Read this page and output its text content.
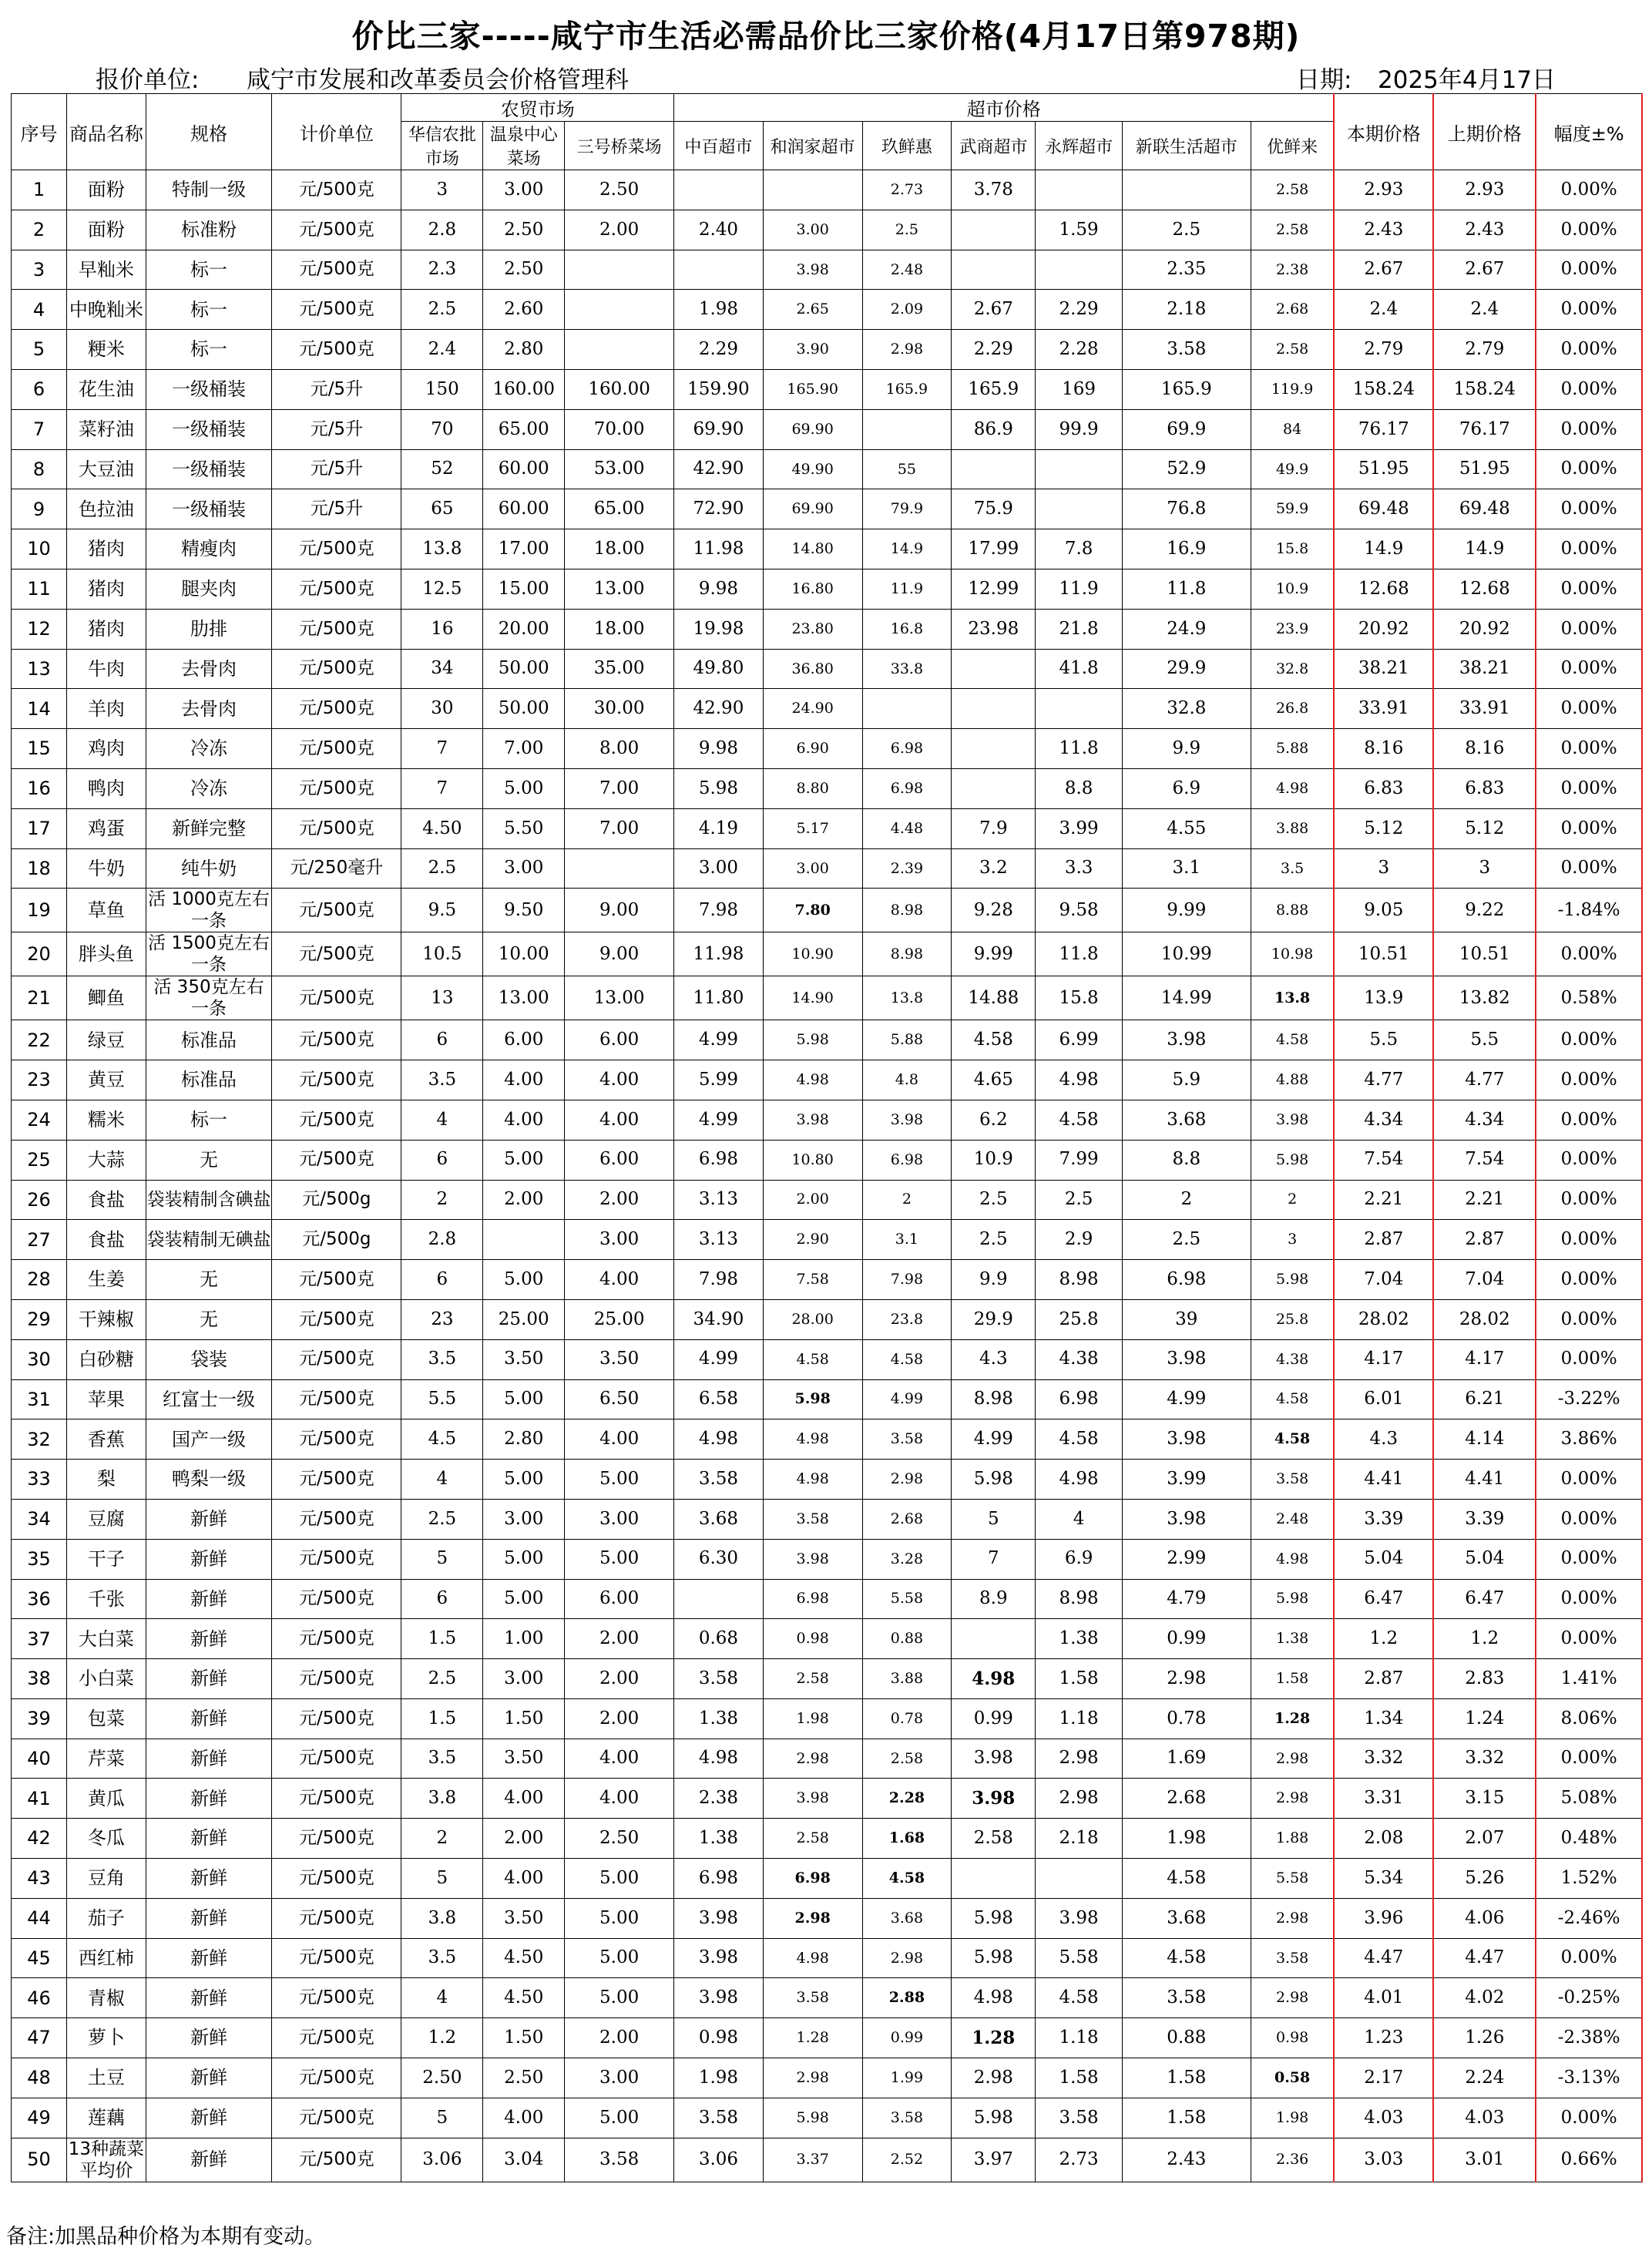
价比三家-----咸宁市生活必需品价比三家价格(4月17日第978期)
报价单位: 咸宁市发展和改革委员会价格管理科	日期: 2025年4月17日
序号	商品名称	规格	计价单位	农贸市场			超市价格							本期价格	上期价格	幅度±%
				华信农批市场	温泉中心菜场	三号桥菜场	中百超市	和润家超市	玖鲜惠	武商超市	永辉超市	新联生活超市	优鲜来			
1	面粉	特制一级	元/500克	3	3.00	2.50			2.73	3.78			2.58	2.93	2.93	0.00%
2	面粉	标准粉	元/500克	2.8	2.50	2.00	2.40	3.00	2.5		1.59	2.5	2.58	2.43	2.43	0.00%
3	早籼米	标一	元/500克	2.3	2.50			3.98	2.48			2.35	2.38	2.67	2.67	0.00%
4	中晚籼米	标一	元/500克	2.5	2.60		1.98	2.65	2.09	2.67	2.29	2.18	2.68	2.4	2.4	0.00%
5	粳米	标一	元/500克	2.4	2.80		2.29	3.90	2.98	2.29	2.28	3.58	2.58	2.79	2.79	0.00%
6	花生油	一级桶装	元/5升	150	160.00	160.00	159.90	165.90	165.9	165.9	169	165.9	119.9	158.24	158.24	0.00%
7	菜籽油	一级桶装	元/5升	70	65.00	70.00	69.90	69.90		86.9	99.9	69.9	84	76.17	76.17	0.00%
8	大豆油	一级桶装	元/5升	52	60.00	53.00	42.90	49.90	55			52.9	49.9	51.95	51.95	0.00%
9	色拉油	一级桶装	元/5升	65	60.00	65.00	72.90	69.90	79.9	75.9		76.8	59.9	69.48	69.48	0.00%
10	猪肉	精瘦肉	元/500克	13.8	17.00	18.00	11.98	14.80	14.9	17.99	7.8	16.9	15.8	14.9	14.9	0.00%
11	猪肉	腿夹肉	元/500克	12.5	15.00	13.00	9.98	16.80	11.9	12.99	11.9	11.8	10.9	12.68	12.68	0.00%
12	猪肉	肋排	元/500克	16	20.00	18.00	19.98	23.80	16.8	23.98	21.8	24.9	23.9	20.92	20.92	0.00%
13	牛肉	去骨肉	元/500克	34	50.00	35.00	49.80	36.80	33.8		41.8	29.9	32.8	38.21	38.21	0.00%
14	羊肉	去骨肉	元/500克	30	50.00	30.00	42.90	24.90				32.8	26.8	33.91	33.91	0.00%
15	鸡肉	冷冻	元/500克	7	7.00	8.00	9.98	6.90	6.98		11.8	9.9	5.88	8.16	8.16	0.00%
16	鸭肉	冷冻	元/500克	7	5.00	7.00	5.98	8.80	6.98		8.8	6.9	4.98	6.83	6.83	0.00%
17	鸡蛋	新鲜完整	元/500克	4.50	5.50	7.00	4.19	5.17	4.48	7.9	3.99	4.55	3.88	5.12	5.12	0.00%
18	牛奶	纯牛奶	元/250毫升	2.5	3.00		3.00	3.00	2.39	3.2	3.3	3.1	3.5	3	3	0.00%
19	草鱼	活 1000克左右一条	元/500克	9.5	9.50	9.00	7.98	7.80	8.98	9.28	9.58	9.99	8.88	9.05	9.22	-1.84%
20	胖头鱼	活 1500克左右一条	元/500克	10.5	10.00	9.00	11.98	10.90	8.98	9.99	11.8	10.99	10.98	10.51	10.51	0.00%
21	鲫鱼	活 350克左右一条	元/500克	13	13.00	13.00	11.80	14.90	13.8	14.88	15.8	14.99	13.8	13.9	13.82	0.58%
22	绿豆	标准品	元/500克	6	6.00	6.00	4.99	5.98	5.88	4.58	6.99	3.98	4.58	5.5	5.5	0.00%
23	黄豆	标准品	元/500克	3.5	4.00	4.00	5.99	4.98	4.8	4.65	4.98	5.9	4.88	4.77	4.77	0.00%
24	糯米	标一	元/500克	4	4.00	4.00	4.99	3.98	3.98	6.2	4.58	3.68	3.98	4.34	4.34	0.00%
25	大蒜	无	元/500克	6	5.00	6.00	6.98	10.80	6.98	10.9	7.99	8.8	5.98	7.54	7.54	0.00%
26	食盐	袋装精制含碘盐	元/500g	2	2.00	2.00	3.13	2.00	2	2.5	2.5	2	2	2.21	2.21	0.00%
27	食盐	袋装精制无碘盐	元/500g	2.8		3.00	3.13	2.90	3.1	2.5	2.9	2.5	3	2.87	2.87	0.00%
28	生姜	无	元/500克	6	5.00	4.00	7.98	7.58	7.98	9.9	8.98	6.98	5.98	7.04	7.04	0.00%
29	干辣椒	无	元/500克	23	25.00	25.00	34.90	28.00	23.8	29.9	25.8	39	25.8	28.02	28.02	0.00%
30	白砂糖	袋装	元/500克	3.5	3.50	3.50	4.99	4.58	4.58	4.3	4.38	3.98	4.38	4.17	4.17	0.00%
31	苹果	红富士一级	元/500克	5.5	5.00	6.50	6.58	5.98	4.99	8.98	6.98	4.99	4.58	6.01	6.21	-3.22%
32	香蕉	国产一级	元/500克	4.5	2.80	4.00	4.98	4.98	3.58	4.99	4.58	3.98	4.58	4.3	4.14	3.86%
33	梨	鸭梨一级	元/500克	4	5.00	5.00	3.58	4.98	2.98	5.98	4.98	3.99	3.58	4.41	4.41	0.00%
34	豆腐	新鲜	元/500克	2.5	3.00	3.00	3.68	3.58	2.68	5	4	3.98	2.48	3.39	3.39	0.00%
35	干子	新鲜	元/500克	5	5.00	5.00	6.30	3.98	3.28	7	6.9	2.99	4.98	5.04	5.04	0.00%
36	千张	新鲜	元/500克	6	5.00	6.00		6.98	5.58	8.9	8.98	4.79	5.98	6.47	6.47	0.00%
37	大白菜	新鲜	元/500克	1.5	1.00	2.00	0.68	0.98	0.88		1.38	0.99	1.38	1.2	1.2	0.00%
38	小白菜	新鲜	元/500克	2.5	3.00	2.00	3.58	2.58	3.88	4.98	1.58	2.98	1.58	2.87	2.83	1.41%
39	包菜	新鲜	元/500克	1.5	1.50	2.00	1.38	1.98	0.78	0.99	1.18	0.78	1.28	1.34	1.24	8.06%
40	芹菜	新鲜	元/500克	3.5	3.50	4.00	4.98	2.98	2.58	3.98	2.98	1.69	2.98	3.32	3.32	0.00%
41	黄瓜	新鲜	元/500克	3.8	4.00	4.00	2.38	3.98	2.28	3.98	2.98	2.68	2.98	3.31	3.15	5.08%
42	冬瓜	新鲜	元/500克	2	2.00	2.50	1.38	2.58	1.68	2.58	2.18	1.98	1.88	2.08	2.07	0.48%
43	豆角	新鲜	元/500克	5	4.00	5.00	6.98	6.98	4.58			4.58	5.58	5.34	5.26	1.52%
44	茄子	新鲜	元/500克	3.8	3.50	5.00	3.98	2.98	3.68	5.98	3.98	3.68	2.98	3.96	4.06	-2.46%
45	西红柿	新鲜	元/500克	3.5	4.50	5.00	3.98	4.98	2.98	5.98	5.58	4.58	3.58	4.47	4.47	0.00%
46	青椒	新鲜	元/500克	4	4.50	5.00	3.98	3.58	2.88	4.98	4.58	3.58	2.98	4.01	4.02	-0.25%
47	萝卜	新鲜	元/500克	1.2	1.50	2.00	0.98	1.28	0.99	1.28	1.18	0.88	0.98	1.23	1.26	-2.38%
48	土豆	新鲜	元/500克	2.50	2.50	3.00	1.98	2.98	1.99	2.98	1.58	1.58	0.58	2.17	2.24	-3.13%
49	莲藕	新鲜	元/500克	5	4.00	5.00	3.58	5.98	3.58	5.98	3.58	1.58	1.98	4.03	4.03	0.00%
50	13种蔬菜平均价	新鲜	元/500克	3.06	3.04	3.58	3.06	3.37	2.52	3.97	2.73	2.43	2.36	3.03	3.01	0.66%
备注:加黑品种价格为本期有变动。
